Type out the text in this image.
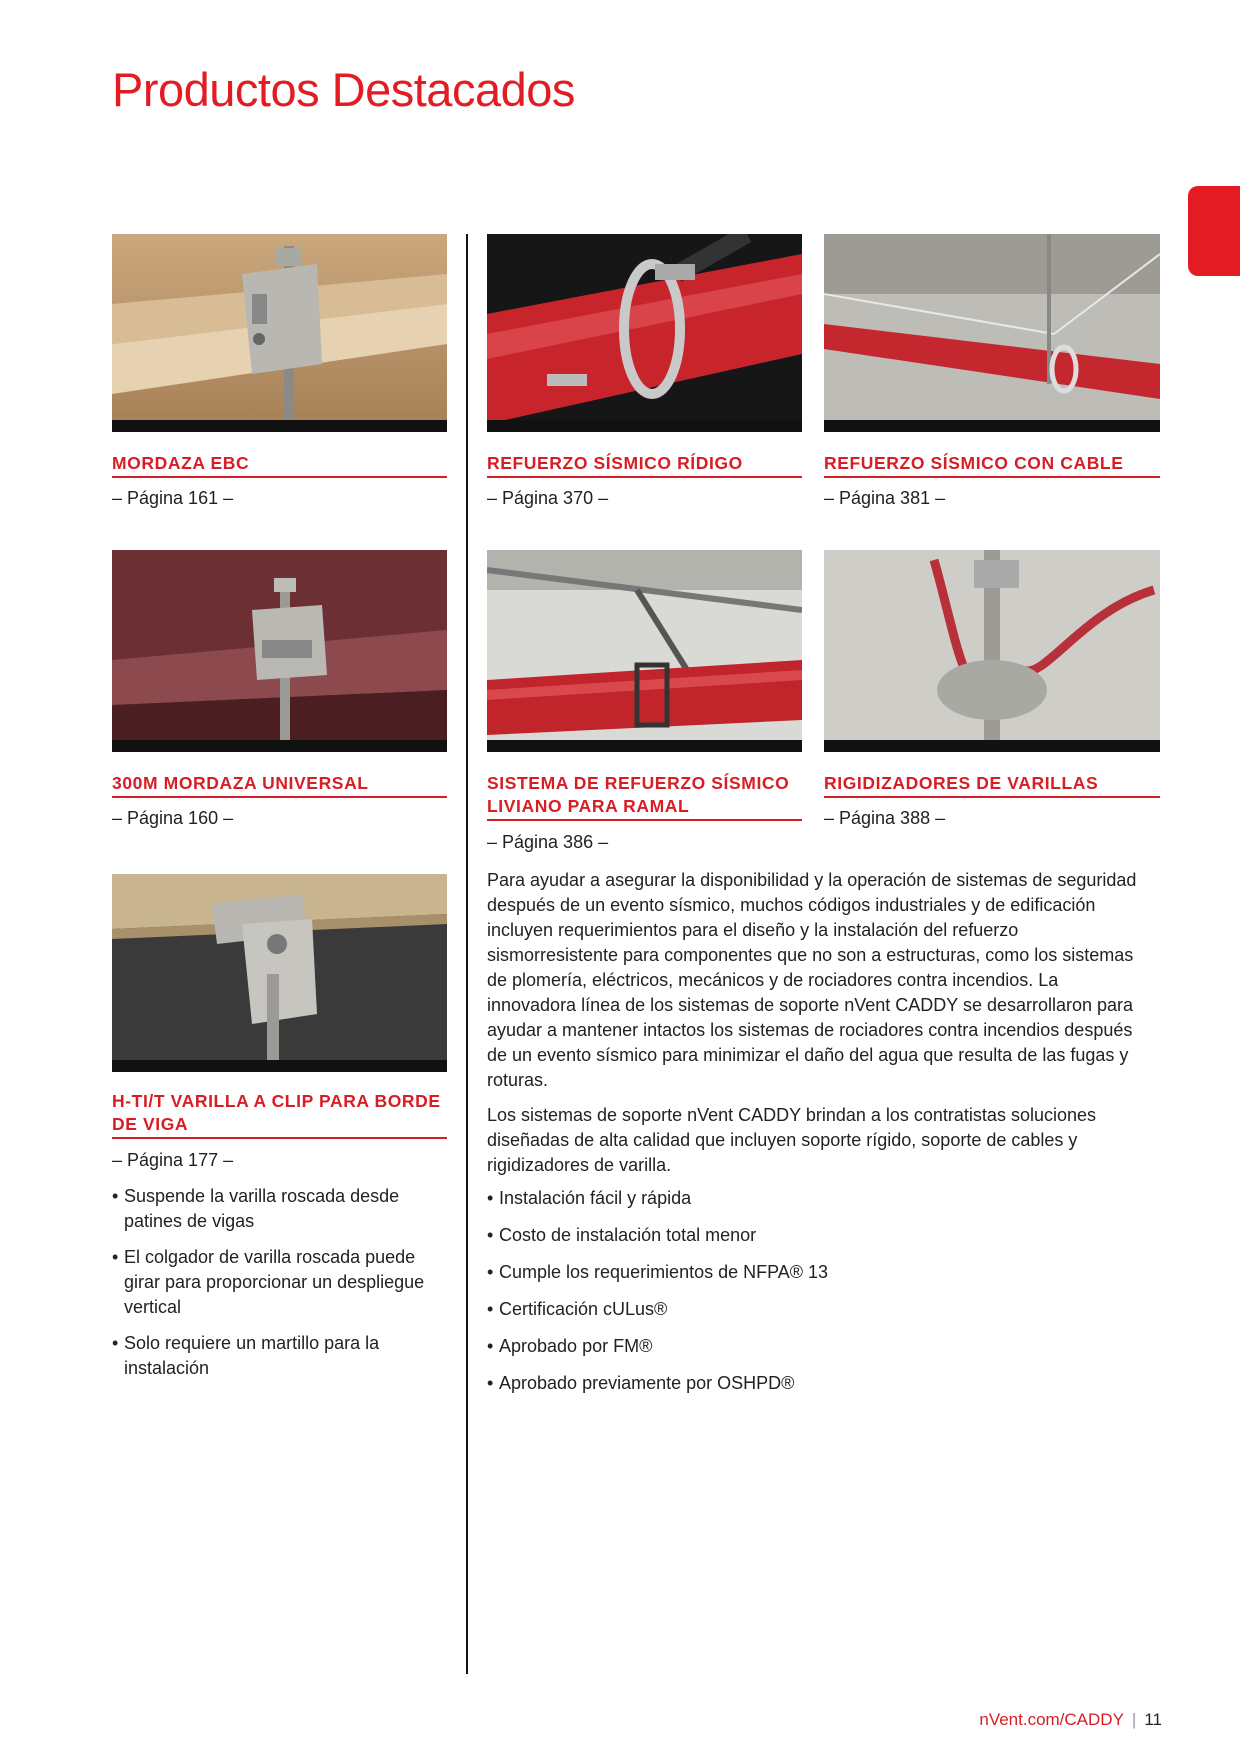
Productos Destacados
MORDAZA EBC

– Página 161 –

REFUERZO SÍSMICO RÍDIGO

– Página 370 –

REFUERZO SÍSMICO CON CABLE

– Página 381 –

300M MORDAZA UNIVERSAL

– Página 160 –

SISTEMA DE REFUERZO SÍSMICO LIVIANO PARA RAMAL

– Página 386 –

RIGIDIZADORES DE VARILLAS

– Página 388 –

H-TI/T VARILLA A CLIP PARA BORDE DE VIGA

– Página 177 –

• Suspende la varilla roscada desde patines de vigas
• El colgador de varilla roscada puede girar para proporcionar un despliegue vertical
• Solo requiere un martillo para la instalación

Para ayudar a asegurar la disponibilidad y la operación de sistemas de seguridad después de un evento sísmico, muchos códigos industriales y de edificación incluyen requerimientos para el diseño y la instalación del refuerzo sismorresistente para componentes que no son a estructuras, como los sistemas de plomería, eléctricos, mecánicos y de rociadores contra incendios. La innovadora línea de los sistemas de soporte nVent CADDY se desarrollaron para ayudar a mantener intactos los sistemas de rociadores contra incendios después de un evento sísmico para minimizar el daño del agua que resulta de las fugas y roturas.

Los sistemas de soporte nVent CADDY brindan a los contratistas soluciones diseñadas de alta calidad que incluyen soporte rígido, soporte de cables y rigidizadores de varilla.

• Instalación fácil y rápida
• Costo de instalación total menor
• Cumple los requerimientos de NFPA® 13
• Certificación cULus®
• Aprobado por FM®
• Aprobado previamente por OSHPD®
nVent.com/CADDY | 11
